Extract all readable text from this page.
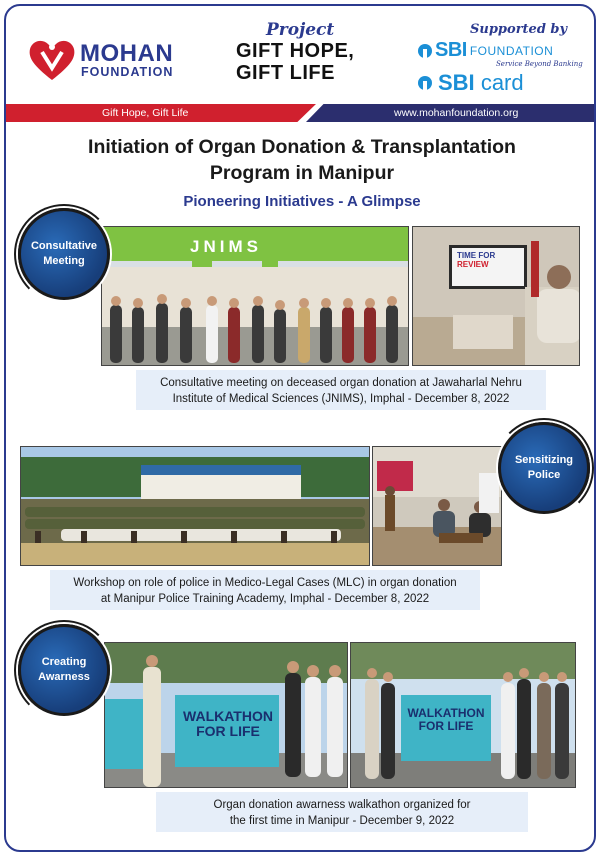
MOHAN
FOUNDATION
Project
GIFT HOPE,
GIFT LIFE
Supported by
SBI FOUNDATION
Service Beyond Banking
SBI card
Gift Hope, Gift Life	www.mohanfoundation.org
Initiation of Organ Donation & Transplantation
Program in Manipur
Pioneering Initiatives - A Glimpse
JNIMS	TIME FOR
REVIEW
Consultative
Meeting
Consultative meeting on deceased organ donation at Jawaharlal Nehru
Institute of Medical Sciences (JNIMS), Imphal - December 8, 2022
Sensitizing
Police
Workshop on role of police in Medico-Legal Cases (MLC) in organ donation
at Manipur Police Training Academy, Imphal - December 8, 2022
WALKATHON
FOR LIFE
WALKATHON
FOR LIFE
Creating
Awarness
Organ donation awarness walkathon organized for
the first time in Manipur - December 9, 2022
